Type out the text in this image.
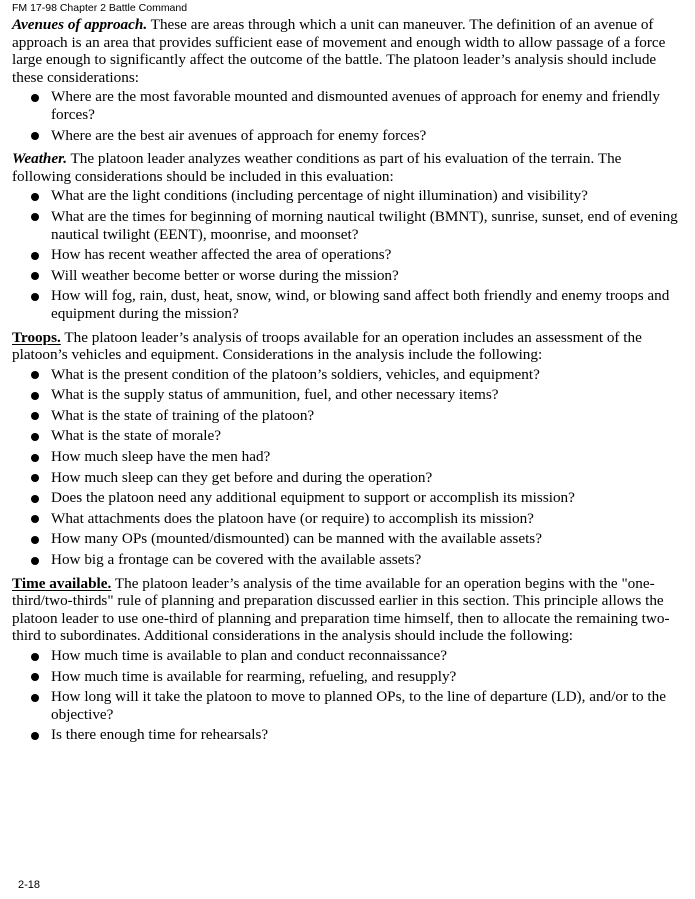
FM 17-98 Chapter 2 Battle Command

Avenues of approach. These are areas through which a unit can maneuver. The definition of an avenue of approach is an area that provides sufficient ease of movement and enough width to allow passage of a force large enough to significantly affect the outcome of the battle. The platoon leader’s analysis should include these considerations:

Where are the most favorable mounted and dismounted avenues of approach for enemy and friendly forces?
Where are the best air avenues of approach for enemy forces?

Weather. The platoon leader analyzes weather conditions as part of his evaluation of the terrain. The following considerations should be included in this evaluation:

What are the light conditions (including percentage of night illumination) and visibility?
What are the times for beginning of morning nautical twilight (BMNT), sunrise, sunset, end of evening nautical twilight (EENT), moonrise, and moonset?
How has recent weather affected the area of operations?
Will weather become better or worse during the mission?
How will fog, rain, dust, heat, snow, wind, or blowing sand affect both friendly and enemy troops and equipment during the mission?

Troops. The platoon leader’s analysis of troops available for an operation includes an assessment of the platoon’s vehicles and equipment. Considerations in the analysis include the following:

What is the present condition of the platoon’s soldiers, vehicles, and equipment?
What is the supply status of ammunition, fuel, and other necessary items?
What is the state of training of the platoon?
What is the state of morale?
How much sleep have the men had?
How much sleep can they get before and during the operation?
Does the platoon need any additional equipment to support or accomplish its mission?
What attachments does the platoon have (or require) to accomplish its mission?
How many OPs (mounted/dismounted) can be manned with the available assets?
How big a frontage can be covered with the available assets?

Time available. The platoon leader’s analysis of the time available for an operation begins with the "one-third/two-thirds" rule of planning and preparation discussed earlier in this section. This principle allows the platoon leader to use one-third of planning and preparation time himself, then to allocate the remaining two-third to subordinates. Additional considerations in the analysis should include the following:

How much time is available to plan and conduct reconnaissance?
How much time is available for rearming, refueling, and resupply?
How long will it take the platoon to move to planned OPs, to the line of departure (LD), and/or to the objective?
Is there enough time for rehearsals?
2-18
